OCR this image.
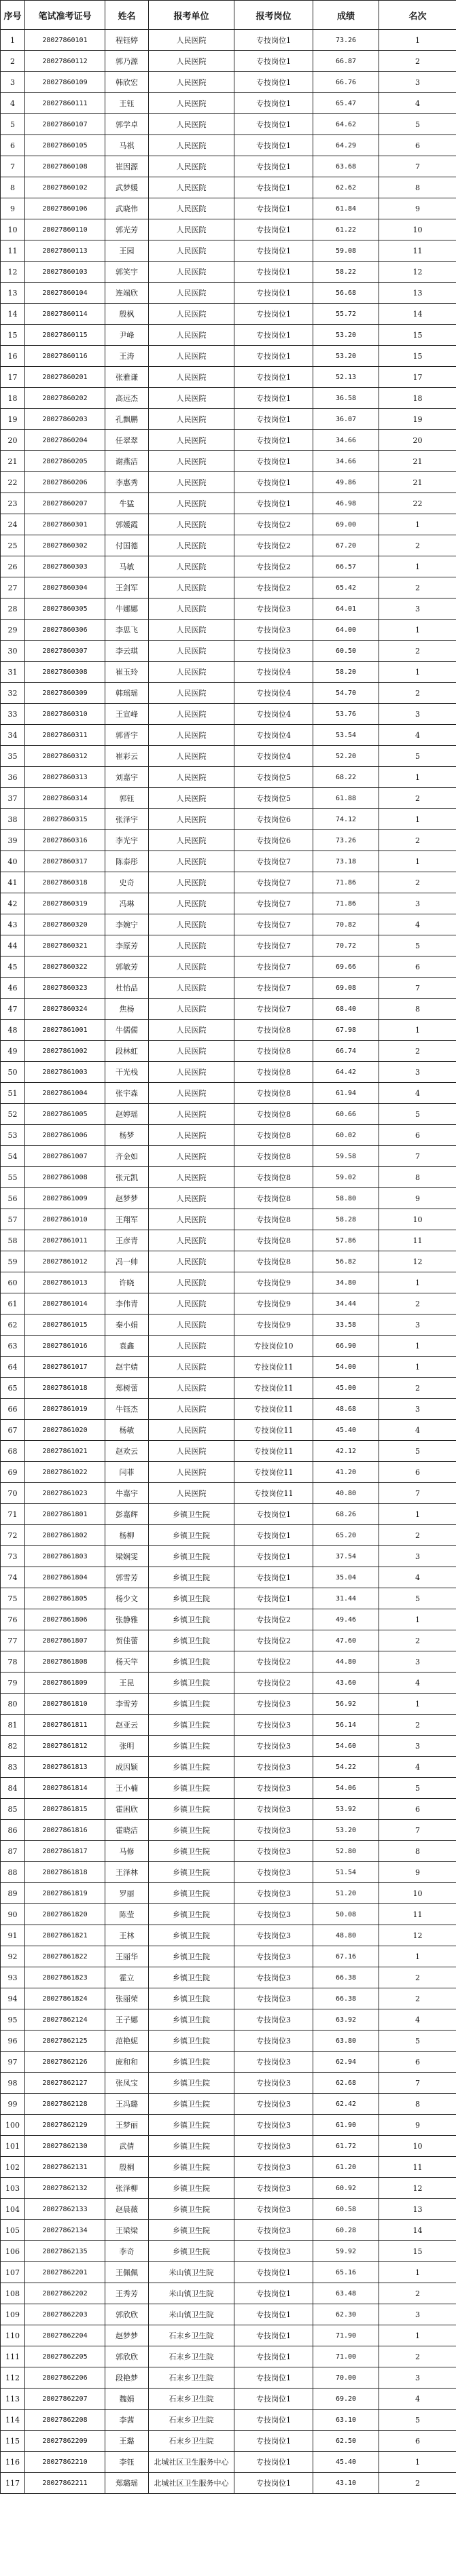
序号	笔试准考证号	姓名	报考单位	报考岗位	成绩	名次
1	28027860101	程钰婷	人民医院	专技岗位1	73.26	1
2	28027860112	郭乃源	人民医院	专技岗位1	66.87	2
3	28027860109	韩欣宏	人民医院	专技岗位1	66.76	3
4	28027860111	王钰	人民医院	专技岗位1	65.47	4
5	28027860107	郭学卓	人民医院	专技岗位1	64.62	5
6	28027860105	马祺	人民医院	专技岗位1	64.29	6
7	28027860108	崔因源	人民医院	专技岗位1	63.68	7
8	28027860102	武梦媛	人民医院	专技岗位1	62.62	8
9	28027860106	武晓伟	人民医院	专技岗位1	61.84	9
10	28027860110	郭光芳	人民医院	专技岗位1	61.22	10
11	28027860113	王园	人民医院	专技岗位1	59.08	11
12	28027860103	郭笑宇	人民医院	专技岗位1	58.22	12
13	28027860104	连端欣	人民医院	专技岗位1	56.68	13
14	28027860114	殷枫	人民医院	专技岗位1	55.72	14
15	28027860115	尹峰	人民医院	专技岗位1	53.20	15
16	28027860116	王涛	人民医院	专技岗位1	53.20	15
17	28027860201	张雅谦	人民医院	专技岗位1	52.13	17
18	28027860202	高远杰	人民医院	专技岗位1	36.58	18
19	28027860203	孔飘鹏	人民医院	专技岗位1	36.07	19
20	28027860204	任翠翠	人民医院	专技岗位1	34.66	20
21	28027860205	谢燕洁	人民医院	专技岗位1	34.66	21
22	28027860206	李惠秀	人民医院	专技岗位1	49.86	21
23	28027860207	牛猛	人民医院	专技岗位1	46.98	22
24	28027860301	郭媛霞	人民医院	专技岗位2	69.00	1
25	28027860302	付国德	人民医院	专技岗位2	67.20	2
26	28027860303	马敏	人民医院	专技岗位2	66.57	1
27	28027860304	王剑军	人民医院	专技岗位2	65.42	2
28	28027860305	牛娜娜	人民医院	专技岗位3	64.01	3
29	28027860306	李思飞	人民医院	专技岗位3	64.00	1
30	28027860307	李云琪	人民医院	专技岗位3	60.50	2
31	28027860308	崔玉玲	人民医院	专技岗位4	58.20	1
32	28027860309	韩瑶瑶	人民医院	专技岗位4	54.70	2
33	28027860310	王宣峰	人民医院	专技岗位4	53.76	3
34	28027860311	郭晋宇	人民医院	专技岗位4	53.54	4
35	28027860312	崔彩云	人民医院	专技岗位4	52.20	5
36	28027860313	刘嘉宇	人民医院	专技岗位5	68.22	1
37	28027860314	郭钰	人民医院	专技岗位5	61.88	2
38	28027860315	张泽宇	人民医院	专技岗位6	74.12	1
39	28027860316	李光宇	人民医院	专技岗位6	73.26	2
40	28027860317	陈泰彤	人民医院	专技岗位7	73.18	1
41	28027860318	史奇	人民医院	专技岗位7	71.86	2
42	28027860319	冯琳	人民医院	专技岗位7	71.86	3
43	28027860320	李婉宁	人民医院	专技岗位7	70.82	4
44	28027860321	李原芳	人民医院	专技岗位7	70.72	5
45	28027860322	郭敏芳	人民医院	专技岗位7	69.66	6
46	28027860323	杜怡品	人民医院	专技岗位7	69.08	7
47	28027860324	焦杨	人民医院	专技岗位7	68.40	8
48	28027861001	牛儒儒	人民医院	专技岗位8	67.98	1
49	28027861002	段林虹	人民医院	专技岗位8	66.74	2
50	28027861003	干光栈	人民医院	专技岗位8	64.42	3
51	28027861004	张宇森	人民医院	专技岗位8	61.94	4
52	28027861005	赵婷瑶	人民医院	专技岗位8	60.66	5
53	28027861006	杨梦	人民医院	专技岗位8	60.02	6
54	28027861007	齐金如	人民医院	专技岗位8	59.58	7
55	28027861008	张元凯	人民医院	专技岗位8	59.02	8
56	28027861009	赵梦梦	人民医院	专技岗位8	58.80	9
57	28027861010	王翔军	人民医院	专技岗位8	58.28	10
58	28027861011	王彦青	人民医院	专技岗位8	57.86	11
59	28027861012	冯一帅	人民医院	专技岗位8	56.82	12
60	28027861013	许晓	人民医院	专技岗位9	34.80	1
61	28027861014	李伟青	人民医院	专技岗位9	34.44	2
62	28027861015	秦小娟	人民医院	专技岗位9	33.58	3
63	28027861016	袁鑫	人民医院	专技岗位10	66.90	1
64	28027861017	赵宇婧	人民医院	专技岗位11	54.00	1
65	28027861018	郑树蕾	人民医院	专技岗位11	45.00	2
66	28027861019	牛钰杰	人民医院	专技岗位11	48.68	3
67	28027861020	杨敏	人民医院	专技岗位11	45.40	4
68	28027861021	赵欢云	人民医院	专技岗位11	42.12	5
69	28027861022	闫菲	人民医院	专技岗位11	41.20	6
70	28027861023	牛嘉宇	人民医院	专技岗位11	40.80	7
71	28027861801	彭嘉辉	乡镇卫生院	专技岗位1	68.26	1
72	28027861802	杨柳	乡镇卫生院	专技岗位1	65.20	2
73	28027861803	梁娴雯	乡镇卫生院	专技岗位1	37.54	3
74	28027861804	郭雪芳	乡镇卫生院	专技岗位1	35.04	4
75	28027861805	杨少文	乡镇卫生院	专技岗位1	31.44	5
76	28027861806	张静雅	乡镇卫生院	专技岗位2	49.46	1
77	28027861807	贺佳蕾	乡镇卫生院	专技岗位2	47.60	2
78	28027861808	杨天竿	乡镇卫生院	专技岗位2	44.80	3
79	28027861809	王昆	乡镇卫生院	专技岗位2	43.60	4
80	28027861810	李雪芳	乡镇卫生院	专技岗位3	56.92	1
81	28027861811	赵亚云	乡镇卫生院	专技岗位3	56.14	2
82	28027861812	张明	乡镇卫生院	专技岗位3	54.60	3
83	28027861813	成因颖	乡镇卫生院	专技岗位3	54.22	4
84	28027861814	王小楠	乡镇卫生院	专技岗位3	54.06	5
85	28027861815	霍困欣	乡镇卫生院	专技岗位3	53.92	6
86	28027861816	霍晓洁	乡镇卫生院	专技岗位3	53.20	7
87	28027861817	马修	乡镇卫生院	专技岗位3	52.80	8
88	28027861818	王泽林	乡镇卫生院	专技岗位3	51.54	9
89	28027861819	罗丽	乡镇卫生院	专技岗位3	51.20	10
90	28027861820	陈莹	乡镇卫生院	专技岗位3	50.08	11
91	28027861821	王林	乡镇卫生院	专技岗位3	48.80	12
92	28027861822	王丽华	乡镇卫生院	专技岗位3	67.16	1
93	28027861823	霍立	乡镇卫生院	专技岗位3	66.38	2
94	28027861824	张丽荣	乡镇卫生院	专技岗位3	66.38	2
95	28027862124	王子娜	乡镇卫生院	专技岗位3	63.92	4
96	28027862125	范艳妮	乡镇卫生院	专技岗位3	63.80	5
97	28027862126	庞和和	乡镇卫生院	专技岗位3	62.94	6
98	28027862127	张凤宝	乡镇卫生院	专技岗位3	62.68	7
99	28027862128	王冯璐	乡镇卫生院	专技岗位3	62.42	8
100	28027862129	王梦丽	乡镇卫生院	专技岗位3	61.90	9
101	28027862130	武倩	乡镇卫生院	专技岗位3	61.72	10
102	28027862131	殷桐	乡镇卫生院	专技岗位3	61.20	11
103	28027862132	张泽柳	乡镇卫生院	专技岗位3	60.92	12
104	28027862133	赵晨薇	乡镇卫生院	专技岗位3	60.58	13
105	28027862134	王梁梁	乡镇卫生院	专技岗位3	60.28	14
106	28027862135	李奇	乡镇卫生院	专技岗位3	59.92	15
107	28027862201	王佩佩	米山镇卫生院	专技岗位1	65.16	1
108	28027862202	王秀芳	米山镇卫生院	专技岗位1	63.48	2
109	28027862203	郭欣欣	米山镇卫生院	专技岗位1	62.30	3
110	28027862204	赵梦梦	石末乡卫生院	专技岗位1	71.90	1
111	28027862205	郭欣欣	石末乡卫生院	专技岗位1	71.00	2
112	28027862206	段艳梦	石末乡卫生院	专技岗位1	70.00	3
113	28027862207	魏娟	石末乡卫生院	专技岗位1	69.20	4
114	28027862208	李茜	石末乡卫生院	专技岗位1	63.10	5
115	28027862209	王璐	石末乡卫生院	专技岗位1	62.50	6
116	28027862210	李钰	北城社区卫生服务中心	专技岗位1	45.40	1
117	28027862211	郑璐瑶	北城社区卫生服务中心	专技岗位1	43.10	2
